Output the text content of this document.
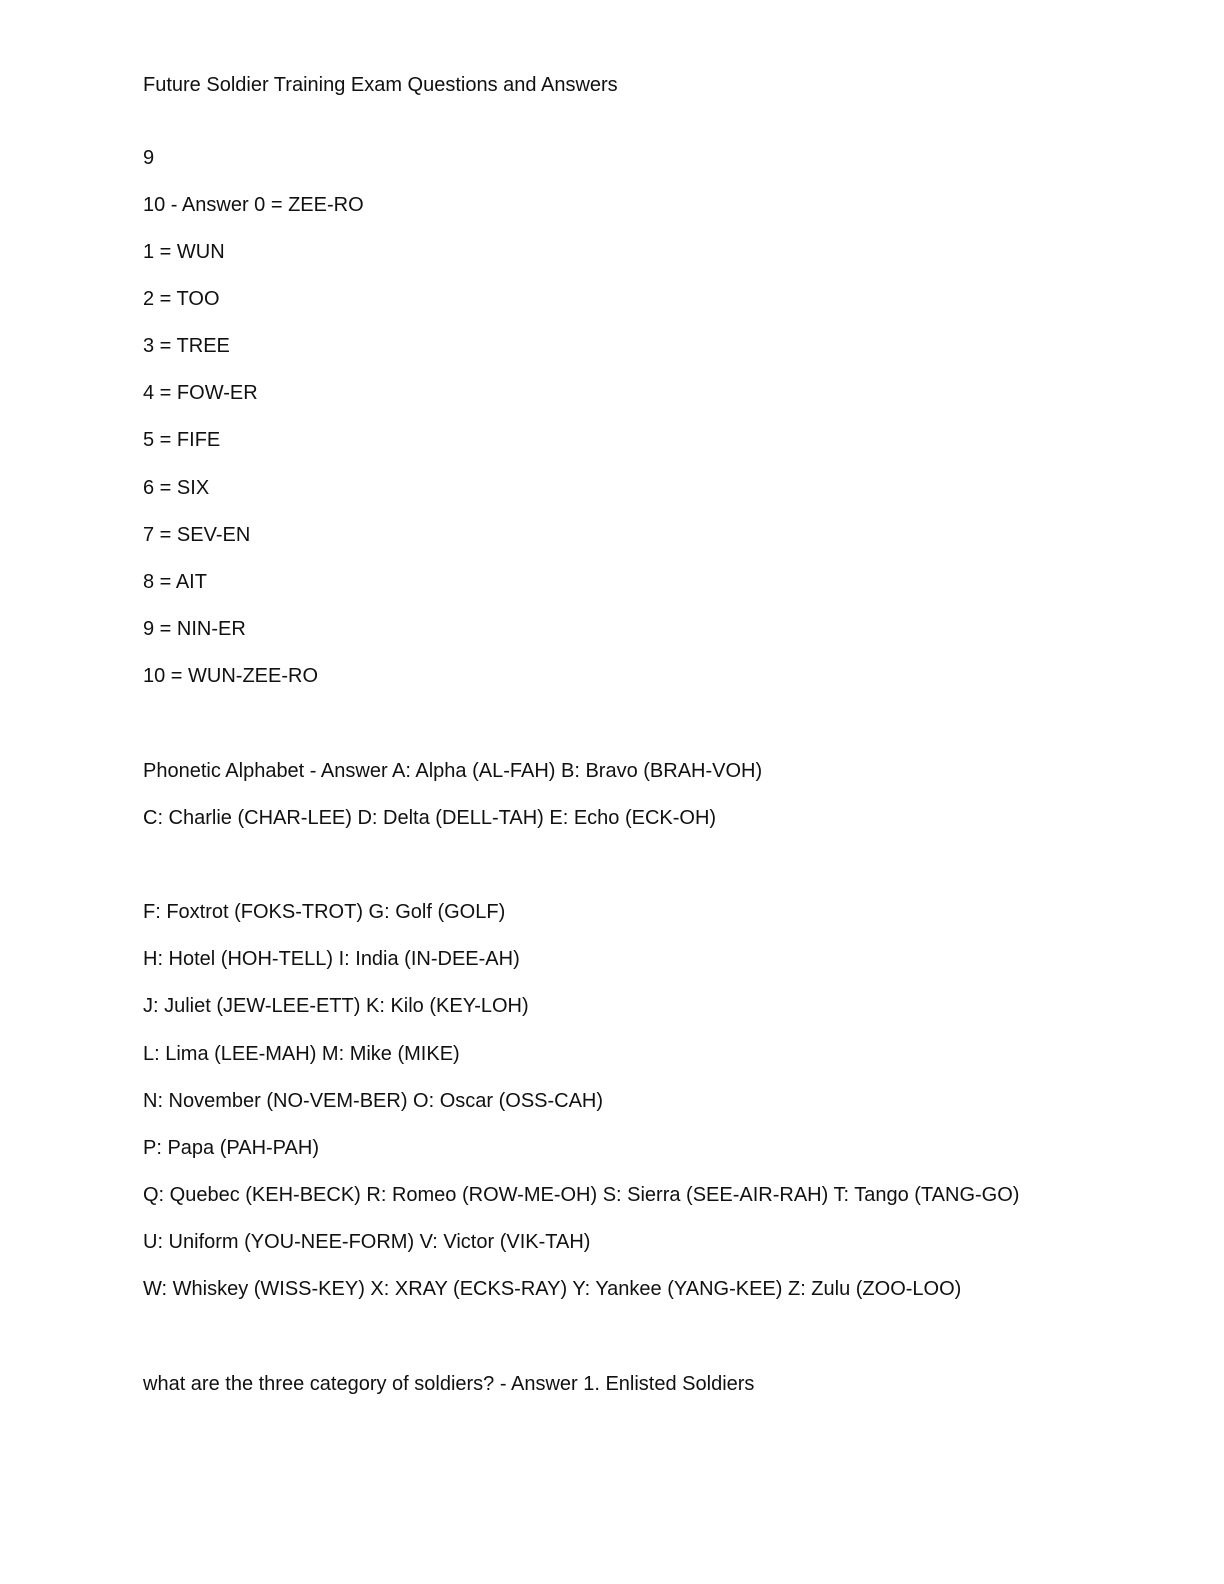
Future Soldier Training Exam Questions and Answers
9
10 - Answer 0 = ZEE-RO
1 = WUN
2 = TOO
3 = TREE
4 = FOW-ER
5 = FIFE
6 = SIX
7 = SEV-EN
8 = AIT
9 = NIN-ER
10 = WUN-ZEE-RO
Phonetic Alphabet - Answer A: Alpha (AL-FAH) B: Bravo (BRAH-VOH)
C: Charlie (CHAR-LEE) D: Delta (DELL-TAH) E: Echo (ECK-OH)
F: Foxtrot (FOKS-TROT) G: Golf (GOLF)
H: Hotel (HOH-TELL) I: India (IN-DEE-AH)
J: Juliet (JEW-LEE-ETT) K: Kilo (KEY-LOH)
L: Lima (LEE-MAH) M: Mike (MIKE)
N: November (NO-VEM-BER) O: Oscar (OSS-CAH)
P: Papa (PAH-PAH)
Q: Quebec (KEH-BECK) R: Romeo (ROW-ME-OH) S: Sierra (SEE-AIR-RAH) T: Tango (TANG-GO)
U: Uniform (YOU-NEE-FORM) V: Victor (VIK-TAH)
W: Whiskey (WISS-KEY) X: XRAY (ECKS-RAY) Y: Yankee (YANG-KEE) Z: Zulu (ZOO-LOO)
what are the three category of soldiers? - Answer 1. Enlisted Soldiers
